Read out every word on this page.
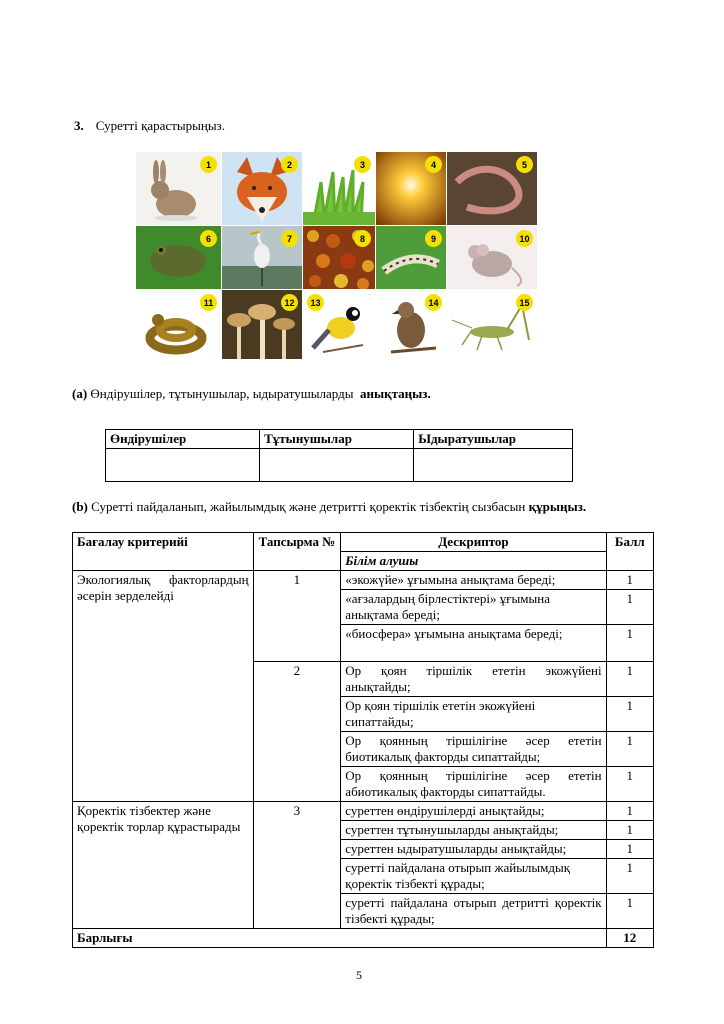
3. Суретті қарастырыңыз.
1	2	3	4	5
6	7	8	9	10
11	12	13	14	15
(a) Өндірушілер, тұтынушылар, ыдыратушыларды анықтаңыз.
Өндірушілер	Тұтынушылар	Ыдыратушылар

(b) Суретті пайдаланып, жайылымдық және детритті қоректік тізбектің сызбасын құрыңыз.
Бағалау критерийі	Тапсырма №	Дескриптор	Балл
		Білім алушы	
Экологиялық факторлардың әсерін зерделейді	1	«экожүйе» ұғымына анықтама береді;	1
		«ағзалардың бірлестіктері» ұғымына анықтама береді;	1
		«биосфера» ұғымына анықтама береді;	1
	2	Ор қоян тіршілік ететін экожүйені анықтайды;	1
		Ор қоян тіршілік ететін экожүйені сипаттайды;	1
		Ор қоянның тіршілігіне әсер ететін биотикалық факторды сипаттайды;	1
		Ор қоянның тіршілігіне әсер ететін абиотикалық факторды сипаттайды.	1
Қоректік тізбектер және қоректік торлар құрастырады	3	суреттен өндірушілерді анықтайды;	1
		суреттен тұтынушыларды анықтайды;	1
		суреттен ыдыратушыларды анықтайды;	1
		суретті пайдалана отырып жайылымдық қоректік тізбекті құрады;	1
		суретті пайдалана отырып детритті қоректік тізбекті құрады;	1
Барлығы			12
5
